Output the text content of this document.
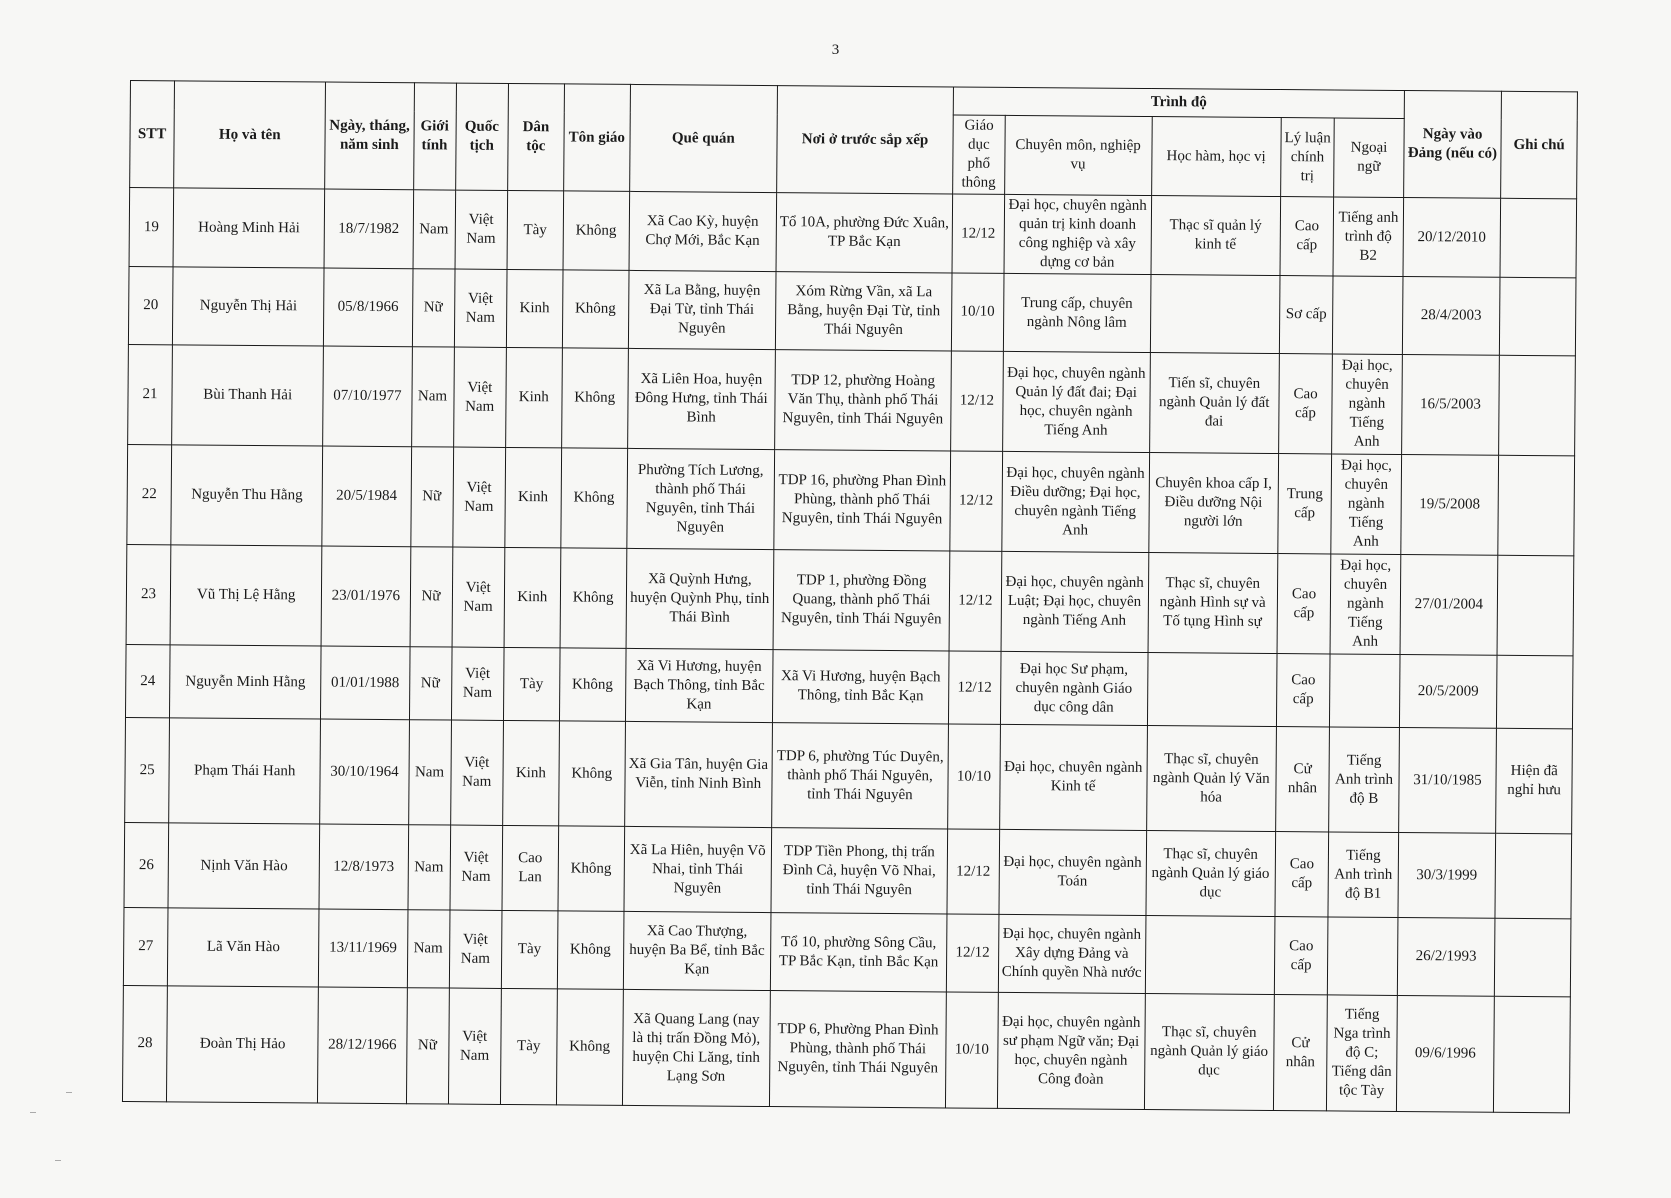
3
STT	Họ và tên	Ngày, tháng, năm sinh	Giới tính	Quốc tịch	Dân tộc	Tôn giáo	Quê quán	Nơi ở trước sắp xếp	Trình độ					Ngày vào Đảng (nếu có)	Ghi chú
									Giáo dục phổ thông	Chuyên môn, nghiệp vụ	Học hàm, học vị	Lý luận chính trị	Ngoại ngữ		
19	Hoàng Minh Hải	18/7/1982	Nam	Việt Nam	Tày	Không	Xã Cao Kỳ, huyện Chợ Mới, Bắc Kạn	Tổ 10A, phường Đức Xuân, TP Bắc Kạn	12/12	Đại học, chuyên ngành quản trị kinh doanh công nghiệp và xây dựng cơ bản	Thạc sĩ quản lý kinh tế	Cao cấp	Tiếng anh trình độ B2	20/12/2010	
20	Nguyễn Thị Hải	05/8/1966	Nữ	Việt Nam	Kinh	Không	Xã La Bằng, huyện Đại Từ, tỉnh Thái Nguyên	Xóm Rừng Vần, xã La Bằng, huyện Đại Từ, tỉnh Thái Nguyên	10/10	Trung cấp, chuyên ngành Nông lâm		Sơ cấp		28/4/2003	
21	Bùi Thanh Hải	07/10/1977	Nam	Việt Nam	Kinh	Không	Xã Liên Hoa, huyện Đông Hưng, tỉnh Thái Bình	TDP 12, phường Hoàng Văn Thụ, thành phố Thái Nguyên, tỉnh Thái Nguyên	12/12	Đại học, chuyên ngành Quản lý đất đai; Đại học, chuyên ngành Tiếng Anh	Tiến sĩ, chuyên ngành Quản lý đất đai	Cao cấp	Đại học, chuyên ngành Tiếng Anh	16/5/2003	
22	Nguyễn Thu Hằng	20/5/1984	Nữ	Việt Nam	Kinh	Không	Phường Tích Lương, thành phố Thái Nguyên, tỉnh Thái Nguyên	TDP 16, phường Phan Đình Phùng, thành phố Thái Nguyên, tỉnh Thái Nguyên	12/12	Đại học, chuyên ngành Điều dưỡng; Đại học, chuyên ngành Tiếng Anh	Chuyên khoa cấp I, Điều dưỡng Nội người lớn	Trung cấp	Đại học, chuyên ngành Tiếng Anh	19/5/2008	
23	Vũ Thị Lệ Hằng	23/01/1976	Nữ	Việt Nam	Kinh	Không	Xã Quỳnh Hưng, huyện Quỳnh Phụ, tỉnh Thái Bình	TDP 1, phường Đồng Quang, thành phố Thái Nguyên, tỉnh Thái Nguyên	12/12	Đại học, chuyên ngành Luật; Đại học, chuyên ngành Tiếng Anh	Thạc sĩ, chuyên ngành Hình sự và Tố tụng Hình sự	Cao cấp	Đại học, chuyên ngành Tiếng Anh	27/01/2004	
24	Nguyễn Minh Hằng	01/01/1988	Nữ	Việt Nam	Tày	Không	Xã Vi Hương, huyện Bạch Thông, tỉnh Bắc Kạn	Xã Vi Hương, huyện Bạch Thông, tỉnh Bắc Kạn	12/12	Đại học Sư phạm, chuyên ngành Giáo dục công dân		Cao cấp		20/5/2009	
25	Phạm Thái Hanh	30/10/1964	Nam	Việt Nam	Kinh	Không	Xã Gia Tân, huyện Gia Viễn, tỉnh Ninh Bình	TDP 6, phường Túc Duyên, thành phố Thái Nguyên, tỉnh Thái Nguyên	10/10	Đại học, chuyên ngành Kinh tế	Thạc sĩ, chuyên ngành Quản lý Văn hóa	Cử nhân	Tiếng Anh trình độ B	31/10/1985	Hiện đã nghỉ hưu
26	Nịnh Văn Hào	12/8/1973	Nam	Việt Nam	Cao Lan	Không	Xã La Hiên, huyện Võ Nhai, tỉnh Thái Nguyên	TDP Tiền Phong, thị trấn Đình Cả, huyện Võ Nhai, tỉnh Thái Nguyên	12/12	Đại học, chuyên ngành Toán	Thạc sĩ, chuyên ngành Quản lý giáo dục	Cao cấp	Tiếng Anh trình độ B1	30/3/1999	
27	Lã Văn Hào	13/11/1969	Nam	Việt Nam	Tày	Không	Xã Cao Thượng, huyện Ba Bể, tỉnh Bắc Kạn	Tổ 10, phường Sông Cầu, TP Bắc Kạn, tỉnh Bắc Kạn	12/12	Đại học, chuyên ngành Xây dựng Đảng và Chính quyền Nhà nước		Cao cấp		26/2/1993	
28	Đoàn Thị Hảo	28/12/1966	Nữ	Việt Nam	Tày	Không	Xã Quang Lang (nay là thị trấn Đồng Mỏ), huyện Chi Lăng, tỉnh Lạng Sơn	TDP 6, Phường Phan Đình Phùng, thành phố Thái Nguyên, tỉnh Thái Nguyên	10/10	Đại học, chuyên ngành sư phạm Ngữ văn; Đại học, chuyên ngành Công đoàn	Thạc sĩ, chuyên ngành Quản lý giáo dục	Cử nhân	Tiếng Nga trình độ C; Tiếng dân tộc Tày	09/6/1996	
